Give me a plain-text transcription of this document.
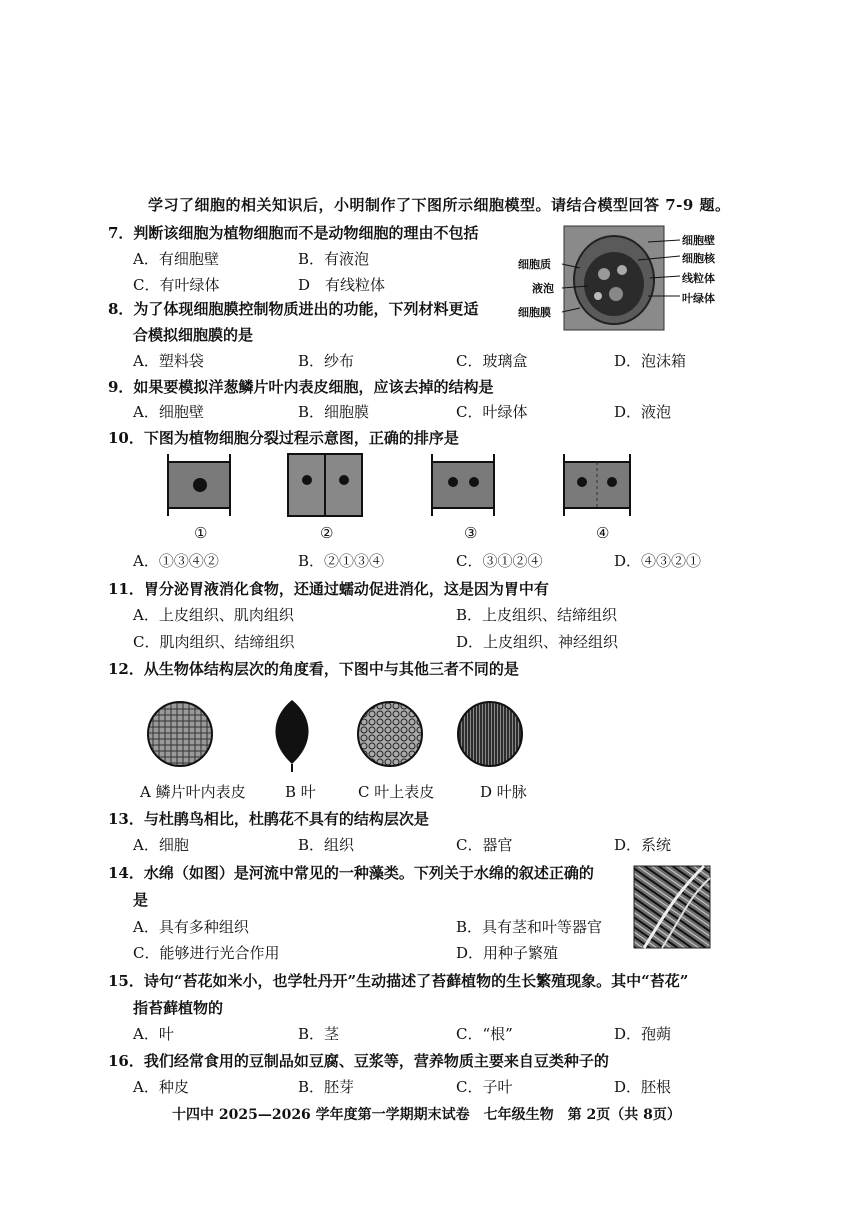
学习了细胞的相关知识后，小明制作了下图所示细胞模型。请结合模型回答 7-9 题。
7．判断该细胞为植物细胞而不是动物细胞的理由不包括
A．有细胞壁	B．有液泡
C．有叶绿体	D　有线粒体
细胞质
液泡
细胞膜
细胞壁
细胞核
线粒体
叶绿体
8．为了体现细胞膜控制物质进出的功能，下列材料更适
合模拟细胞膜的是
A．塑料袋	B．纱布	C．玻璃盒	D．泡沫箱
9．如果要模拟洋葱鳞片叶内表皮细胞，应该去掉的结构是
A．细胞壁	B．细胞膜	C．叶绿体	D．液泡
10．下图为植物细胞分裂过程示意图，正确的排序是
①	②	③	④
A．①③④②	B．②①③④	C．③①②④	D．④③②①
11．胃分泌胃液消化食物，还通过蠕动促进消化，这是因为胃中有
A．上皮组织、肌肉组织	B．上皮组织、结缔组织
C．肌肉组织、结缔组织	D．上皮组织、神经组织
12．从生物体结构层次的角度看，下图中与其他三者不同的是
A 鳞片叶内表皮	B 叶	C 叶上表皮	D 叶脉
13．与杜鹃鸟相比，杜鹃花不具有的结构层次是
A．细胞	B．组织	C．器官	D．系统
14．水绵（如图）是河流中常见的一种藻类。下列关于水绵的叙述正确的
是
A．具有多种组织	B．具有茎和叶等器官
C．能够进行光合作用	D．用种子繁殖
15．诗句“苔花如米小，也学牡丹开”生动描述了苔藓植物的生长繁殖现象。其中“苔花”
指苔藓植物的
A．叶	B．茎	C．“根”	D．孢蒴
16．我们经常食用的豆制品如豆腐、豆浆等，营养物质主要来自豆类种子的
A．种皮	B．胚芽	C．子叶	D．胚根
十四中 2025—2026 学年度第一学期期末试卷　七年级生物　第 2页（共 8页）
